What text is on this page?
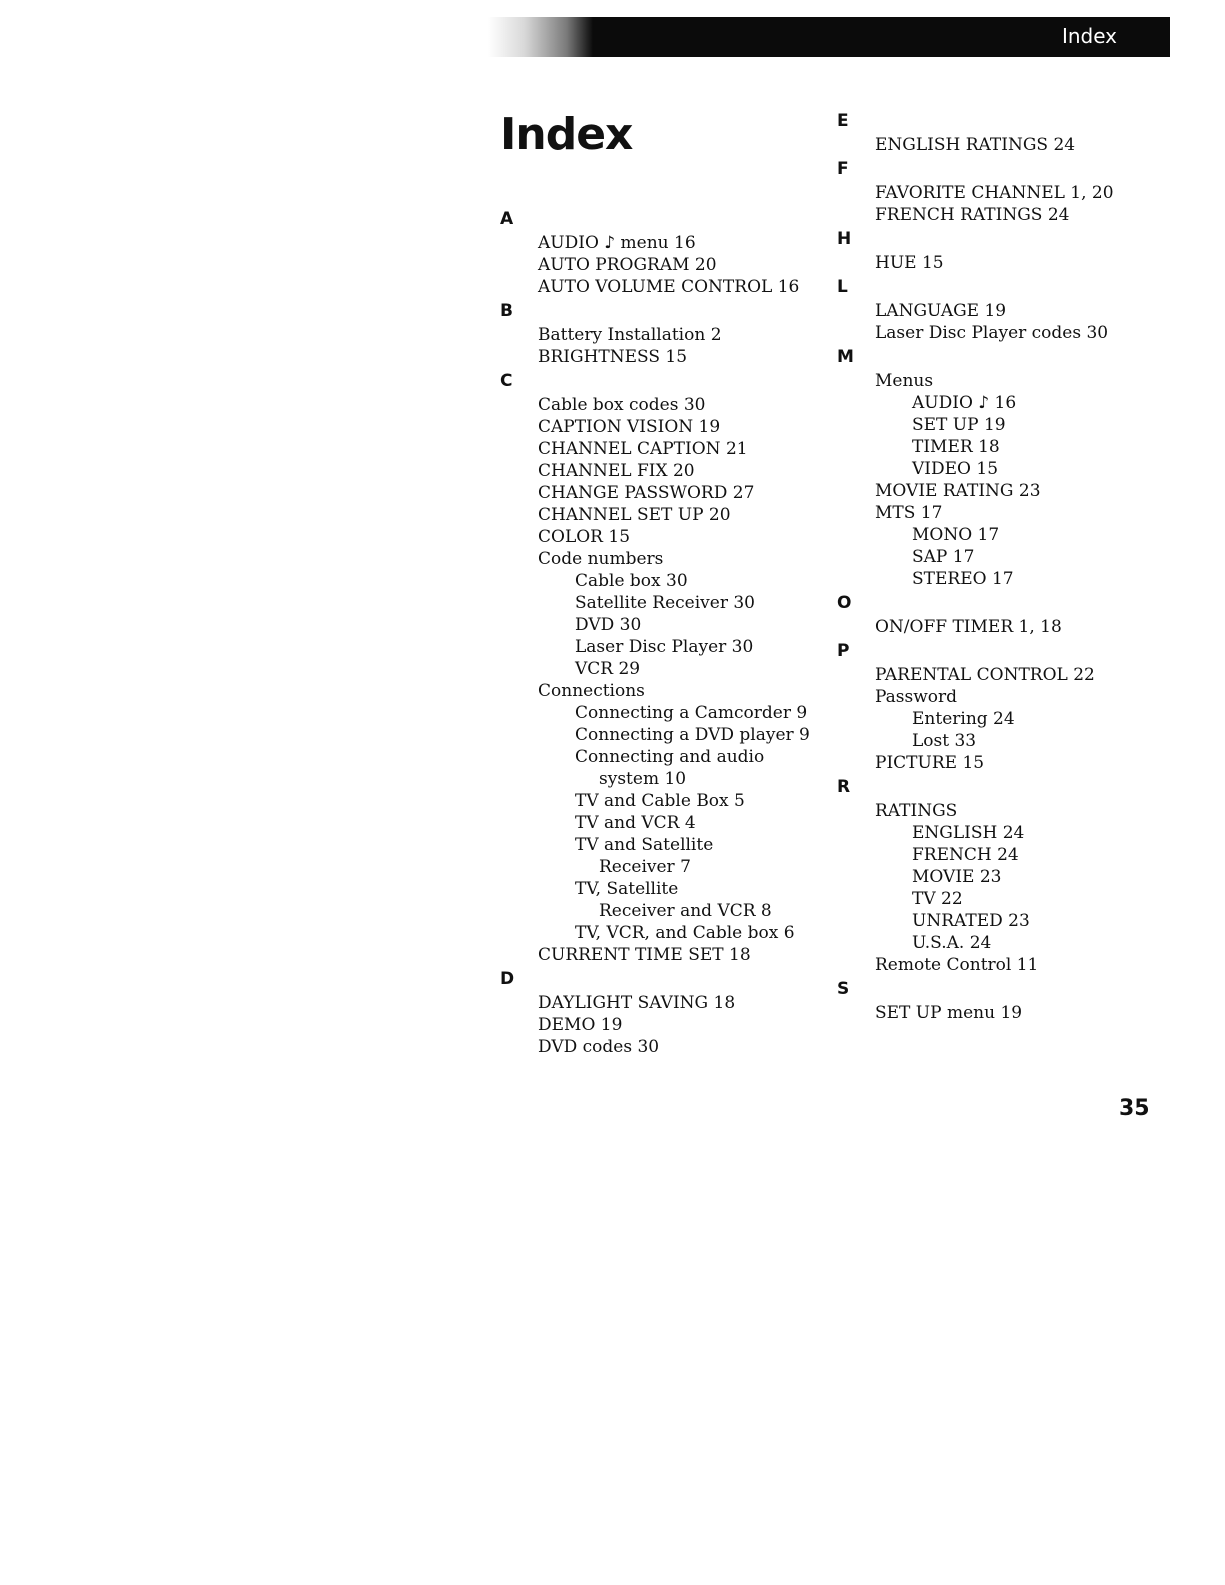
Index
Index
A
AUDIO ♪ menu 16
AUTO PROGRAM 20
AUTO VOLUME CONTROL 16
B
Battery Installation 2
BRIGHTNESS 15
C
Cable box codes 30
CAPTION VISION 19
CHANNEL CAPTION 21
CHANNEL FIX 20
CHANGE PASSWORD 27
CHANNEL SET UP 20
COLOR 15
Code numbers
Cable box 30
Satellite Receiver 30
DVD 30
Laser Disc Player 30
VCR 29
Connections
Connecting a Camcorder 9
Connecting a DVD player 9
Connecting and audio
system 10
TV and Cable Box 5
TV and VCR 4
TV and Satellite
Receiver 7
TV, Satellite
Receiver and VCR 8
TV, VCR, and Cable box 6
CURRENT TIME SET 18
D
DAYLIGHT SAVING 18
DEMO 19
DVD codes 30
E
ENGLISH RATINGS 24
F
FAVORITE CHANNEL 1, 20
FRENCH RATINGS 24
H
HUE 15
L
LANGUAGE 19
Laser Disc Player codes 30
M
Menus
AUDIO ♪ 16
SET UP 19
TIMER 18
VIDEO 15
MOVIE RATING 23
MTS 17
MONO 17
SAP 17
STEREO 17
O
ON/OFF TIMER 1, 18
P
PARENTAL CONTROL 22
Password
Entering 24
Lost 33
PICTURE 15
R
RATINGS
ENGLISH 24
FRENCH 24
MOVIE 23
TV 22
UNRATED 23
U.S.A. 24
Remote Control 11
S
SET UP menu 19
35
